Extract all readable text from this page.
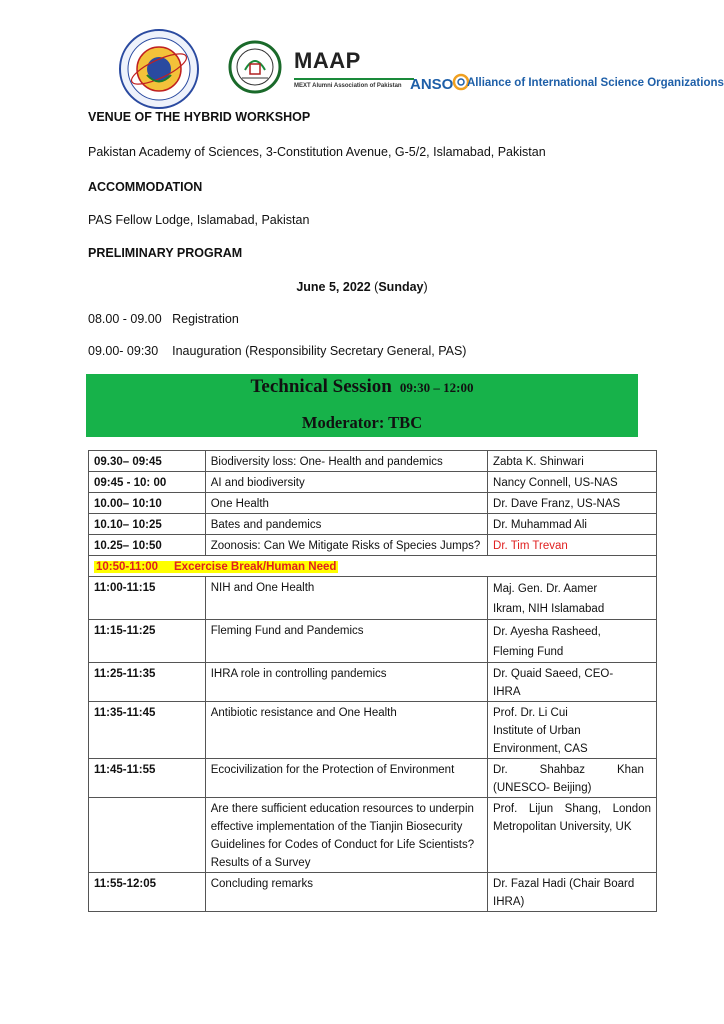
MAAP
MEXT Alumni Association of Pakistan ANSO Alliance of International Science Organizations
VENUE OF THE HYBRID WORKSHOP
Pakistan Academy of Sciences, 3-Constitution Avenue, G-5/2, Islamabad, Pakistan
ACCOMMODATION
PAS Fellow Lodge, Islamabad, Pakistan
PRELIMINARY PROGRAM
June 5, 2022 (Sunday)
08.00 - 09.00 Registration
09.00- 09:30 Inauguration (Responsibility Secretary General, PAS)
Technical Session 09:30 – 12:00
Moderator: TBC
09.30– 09:45	Biodiversity loss: One- Health and pandemics	Zabta K. Shinwari
09:45 - 10: 00	AI and biodiversity	Nancy Connell, US-NAS
10.00– 10:10	One Health	Dr. Dave Franz, US-NAS
10.10– 10:25	Bates and pandemics	Dr. Muhammad Ali
10.25– 10:50	Zoonosis: Can We Mitigate Risks of Species Jumps?	Dr. Tim Trevan
10:50-11:00 Excercise Break/Human Need		
11:00-11:15	NIH and One Health	Maj. Gen. Dr. Aamer
Ikram, NIH Islamabad

11:15-11:25	Fleming Fund and Pandemics	Dr. Ayesha Rasheed,
Fleming Fund

11:25-11:35	IHRA role in controlling pandemics	Dr. Quaid Saeed, CEO-
IHRA

11:35-11:45	Antibiotic resistance and One Health	Prof. Dr. Li Cui
Institute of Urban
Environment, CAS

11:45-11:55	Ecocivilization for the Protection of Environment	Dr.          Shahbaz          Khan
(UNESCO- Beijing)

	Are there sufficient education resources to underpin effective implementation of the Tianjin Biosecurity Guidelines for Codes of Conduct for Life Scientists? Results of a Survey	Prof. Lijun Shang, London Metropolitan University, UK
11:55-12:05	Concluding remarks	Dr. Fazal Hadi (Chair Board IHRA)
